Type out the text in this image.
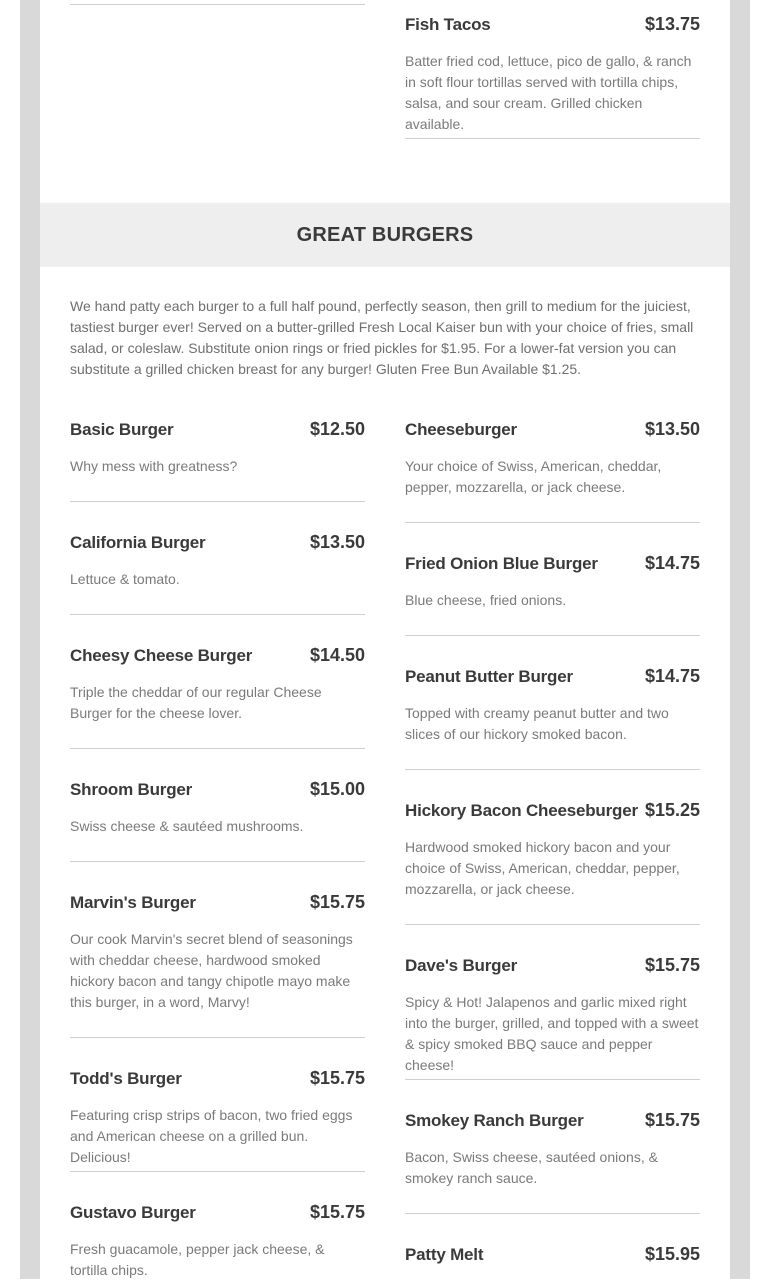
Fish Tacos	$13.75
Batter fried cod, lettuce, pico de gallo, & ranch in soft flour tortillas served with tortilla chips, salsa, and sour cream. Grilled chicken available.
GREAT BURGERS
We hand patty each burger to a full half pound, perfectly season, then grill to medium for the juiciest, tastiest burger ever! Served on a butter-grilled Fresh Local Kaiser bun with your choice of fries, small salad, or coleslaw. Substitute onion rings or fried pickles for $1.95. For a lower-fat version you can substitute a grilled chicken breast for any burger! Gluten Free Bun Available $1.25.
Basic Burger	$12.50
Why mess with greatness?
California Burger	$13.50
Lettuce & tomato.
Cheesy Cheese Burger	$14.50
Triple the cheddar of our regular Cheese Burger for the cheese lover.
Shroom Burger	$15.00
Swiss cheese & sautéed mushrooms.
Marvin's Burger	$15.75
Our cook Marvin's secret blend of seasonings with cheddar cheese, hardwood smoked hickory bacon and tangy chipotle mayo make this burger, in a word, Marvy!
Todd's Burger	$15.75
Featuring crisp strips of bacon, two fried eggs and American cheese on a grilled bun. Delicious!
Gustavo Burger	$15.75
Fresh guacamole, pepper jack cheese, & tortilla chips.
Cheeseburger	$13.50
Your choice of Swiss, American, cheddar, pepper, mozzarella, or jack cheese.
Fried Onion Blue Burger	$14.75
Blue cheese, fried onions.
Peanut Butter Burger	$14.75
Topped with creamy peanut butter and two slices of our hickory smoked bacon.
Hickory Bacon Cheeseburger $15.25
Hardwood smoked hickory bacon and your choice of Swiss, American, cheddar, pepper, mozzarella, or jack cheese.
Dave's Burger	$15.75
Spicy & Hot! Jalapenos and garlic mixed right into the burger, grilled, and topped with a sweet & spicy smoked BBQ sauce and pepper cheese!
Smokey Ranch Burger	$15.75
Bacon, Swiss cheese, sautéed onions, & smokey ranch sauce.
Patty Melt	$15.95
